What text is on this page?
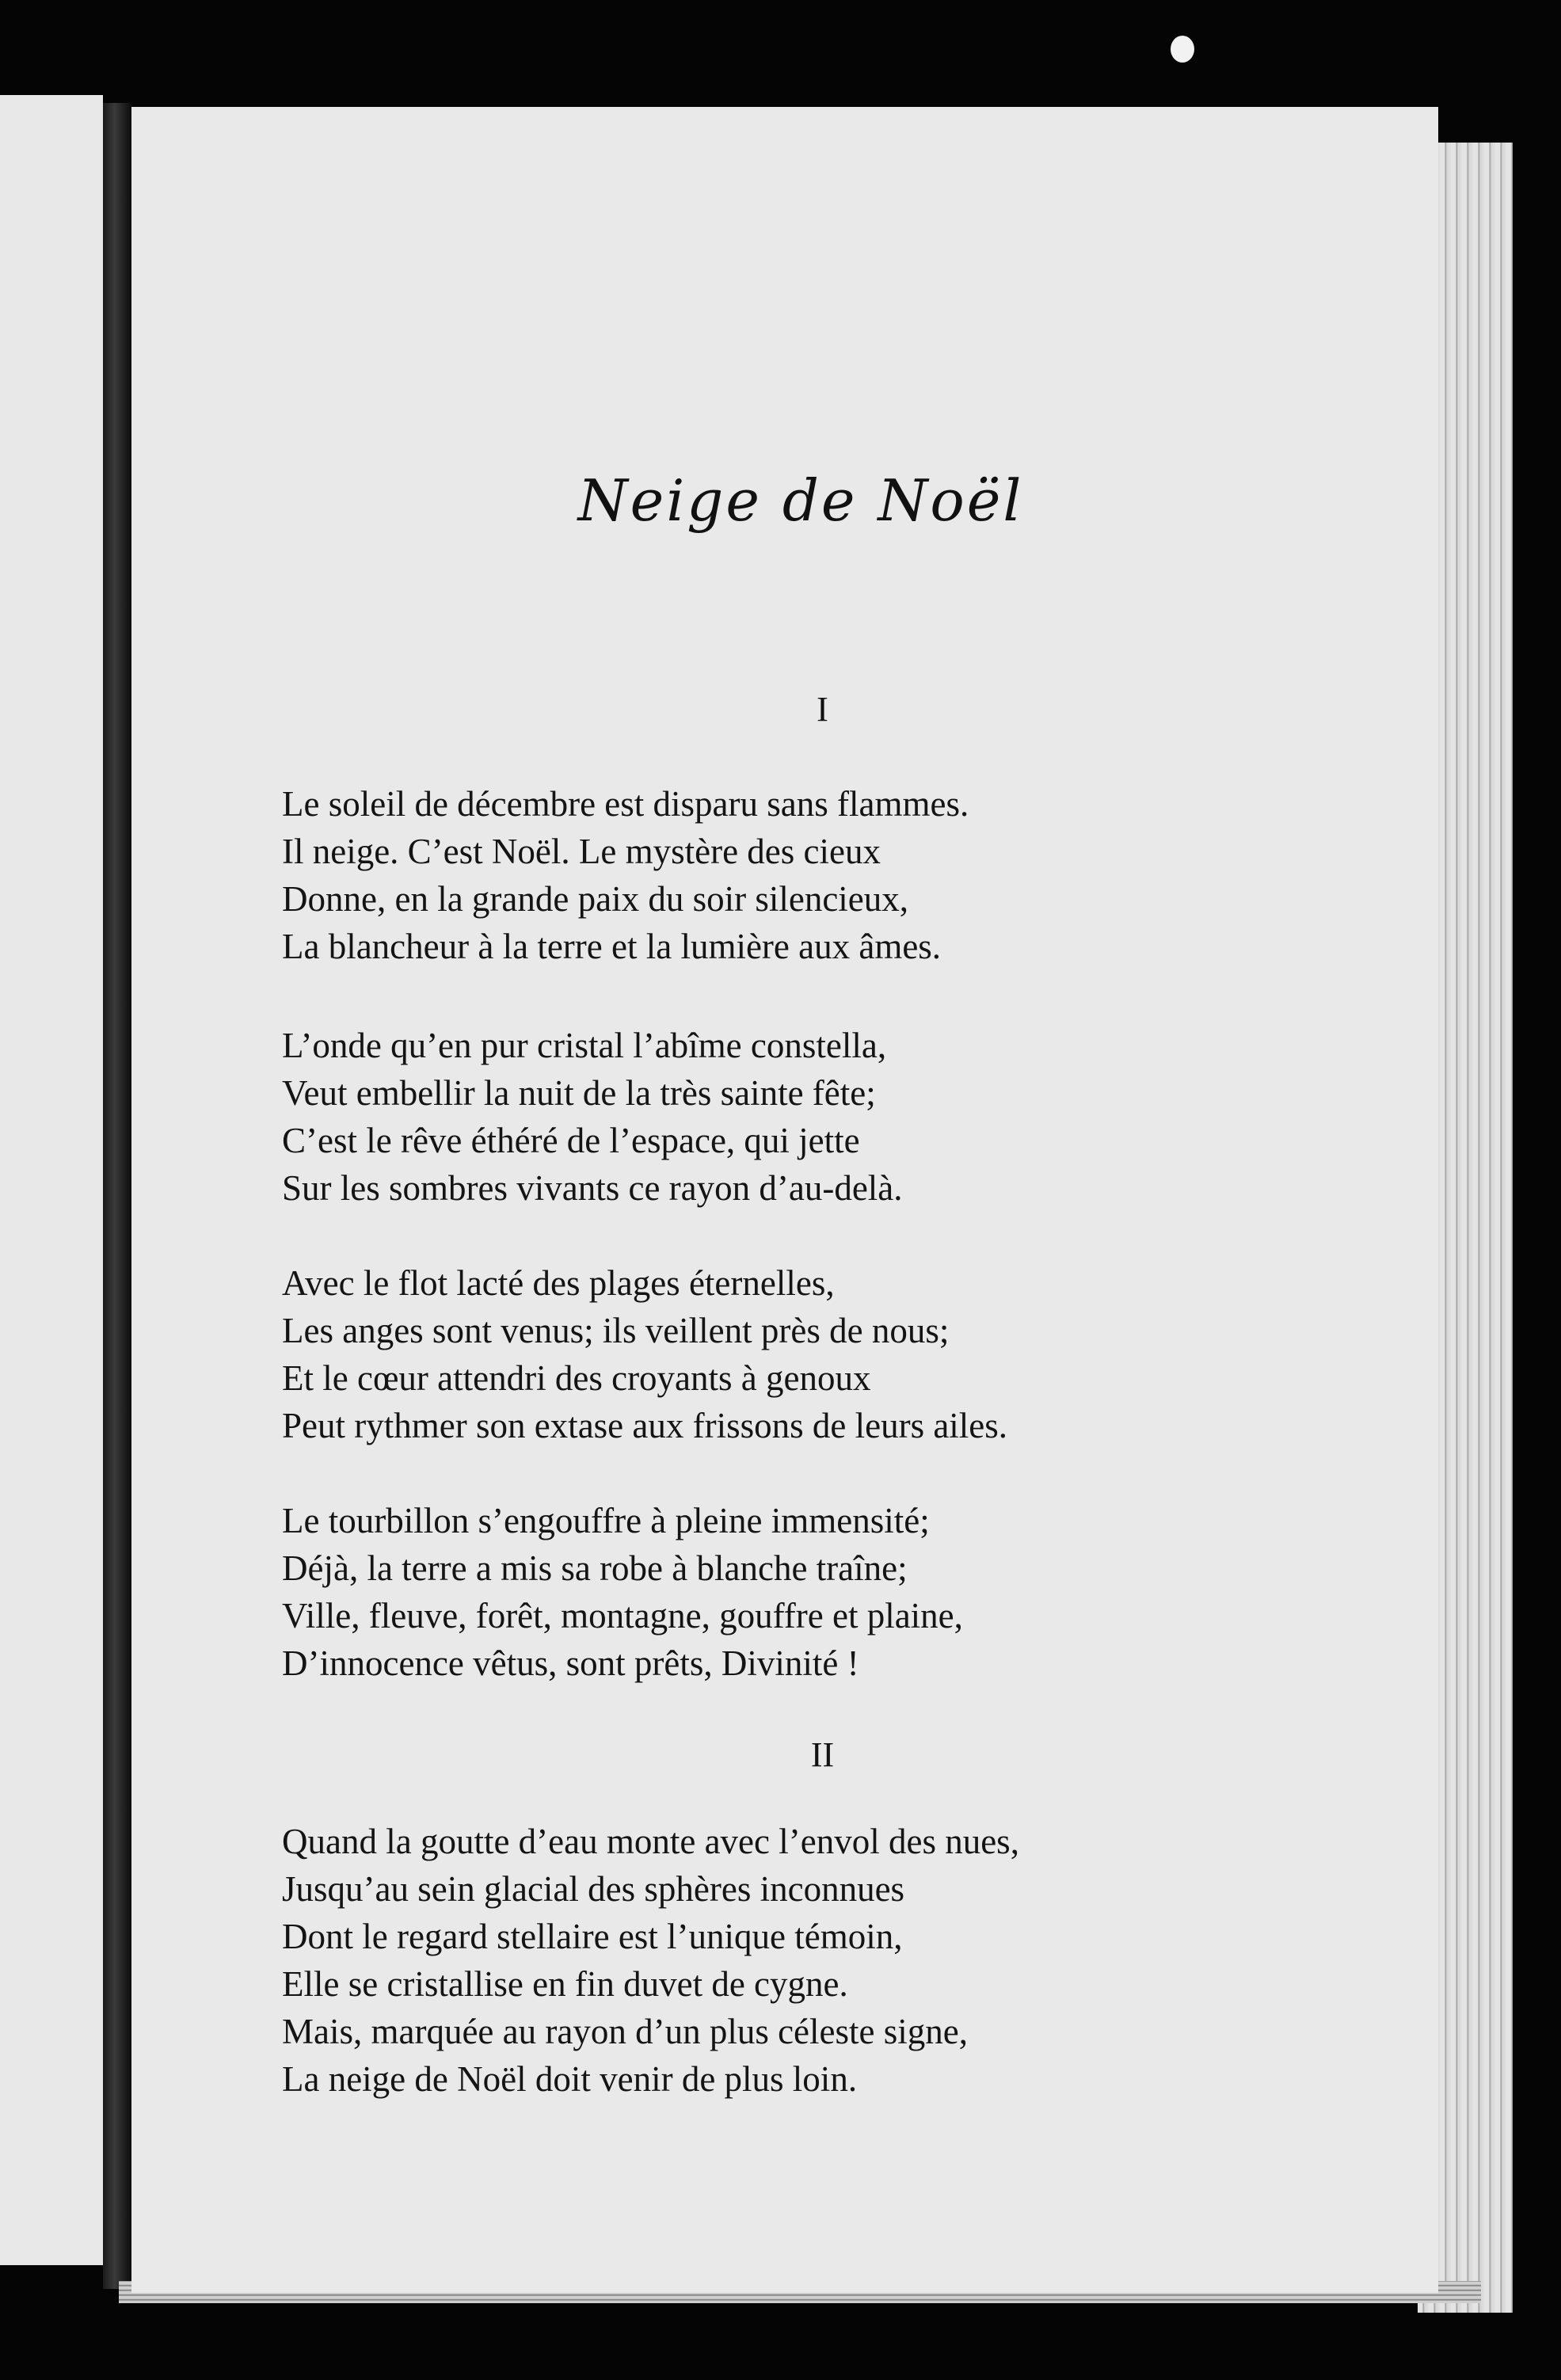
Neige de Noël
I

Le soleil de décembre est disparu sans flammes.
Il neige. C’est Noël. Le mystère des cieux
Donne, en la grande paix du soir silencieux,
La blancheur à la terre et la lumière aux âmes.

L’onde qu’en pur cristal l’abîme constella,
Veut embellir la nuit de la très sainte fête;
C’est le rêve éthéré de l’espace, qui jette
Sur les sombres vivants ce rayon d’au-delà.

Avec le flot lacté des plages éternelles,
Les anges sont venus; ils veillent près de nous;
Et le cœur attendri des croyants à genoux
Peut rythmer son extase aux frissons de leurs ailes.

Le tourbillon s’engouffre à pleine immensité;
Déjà, la terre a mis sa robe à blanche traîne;
Ville, fleuve, forêt, montagne, gouffre et plaine,
D’innocence vêtus, sont prêts, Divinité !

II

Quand la goutte d’eau monte avec l’envol des nues,
Jusqu’au sein glacial des sphères inconnues
Dont le regard stellaire est l’unique témoin,
Elle se cristallise en fin duvet de cygne.
Mais, marquée au rayon d’un plus céleste signe,
La neige de Noël doit venir de plus loin.
